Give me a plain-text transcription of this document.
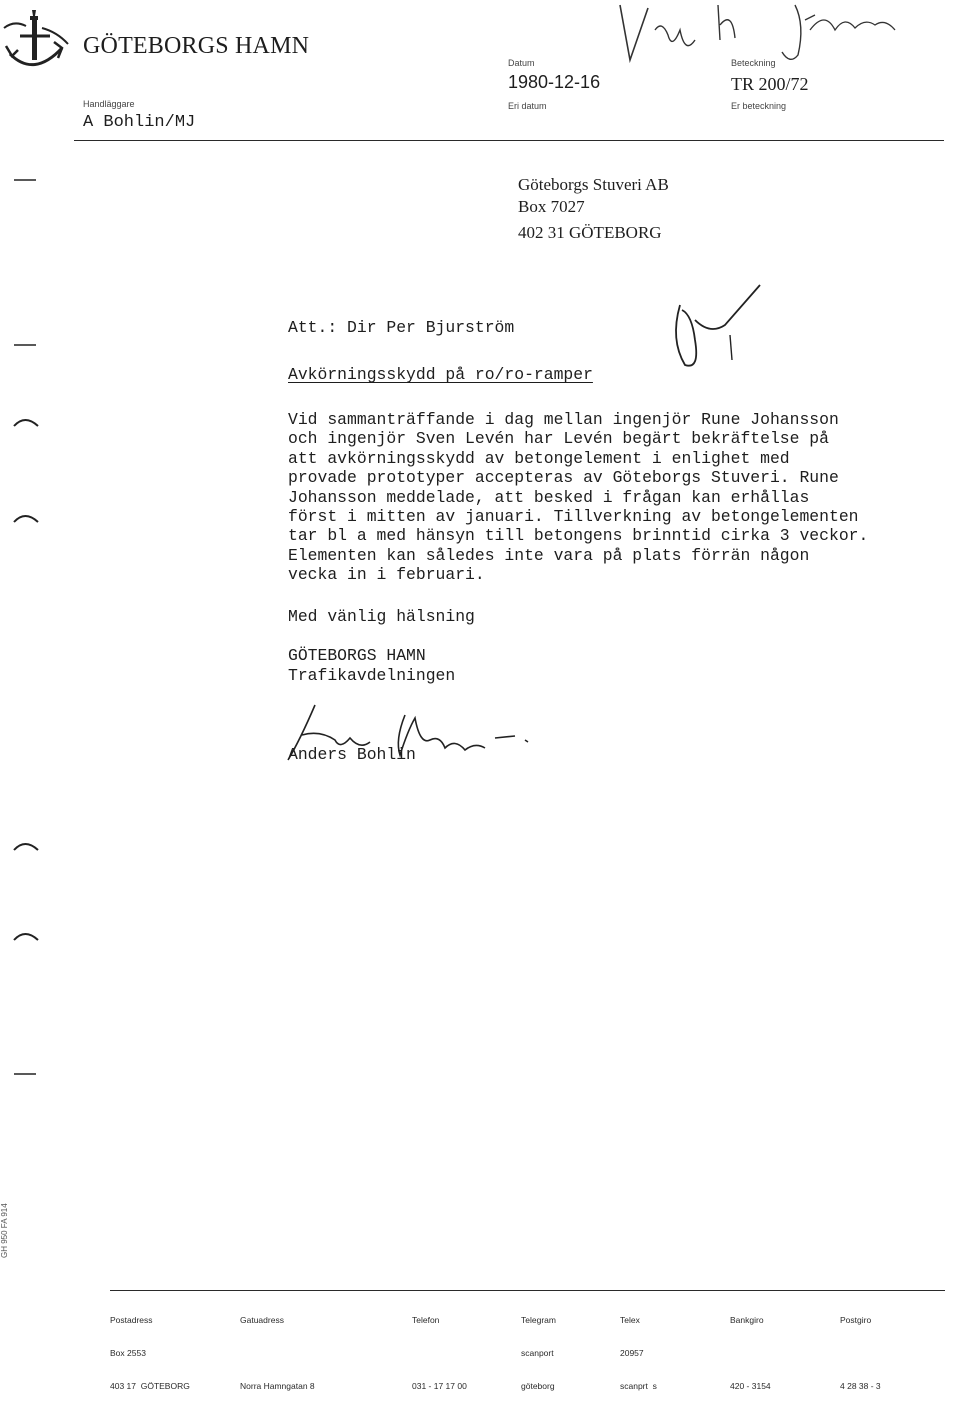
GÖTEBORGS HAMN
Datum
1980-12-16
Eri datum
Beteckning
TR 200/72
Er beteckning
Handläggare
A Bohlin/MJ
Göteborgs Stuveri AB
Box 7027
402 31 GÖTEBORG
Att.: Dir Per Bjurström
Avkörningsskydd på ro/ro-ramper
Vid sammanträffande i dag mellan ingenjör Rune Johansson
och ingenjör Sven Levén har Levén begärt bekräftelse på
att avkörningsskydd av betongelement i enlighet med
provade prototyper accepteras av Göteborgs Stuveri. Rune
Johansson meddelade, att besked i frågan kan erhållas
först i mitten av januari. Tillverkning av betongelementen
tar bl a med hänsyn till betongens brinntid cirka 3 veckor.
Elementen kan således inte vara på plats förrän någon
vecka in i februari.
Med vänlig hälsning
GÖTEBORGS HAMN
Trafikavdelningen
Anders Bohlin
GH 950 FA 914

Postadress

Box 2553

403 17  GÖTEBORG

Gatuadress

Norra Hamngatan 8

Telefon

031 - 17 17 00

Telegram

scanport

göteborg

Telex

20957

scanprt  s

Bankgiro

420 - 3154

Postgiro

4 28 38 - 3
